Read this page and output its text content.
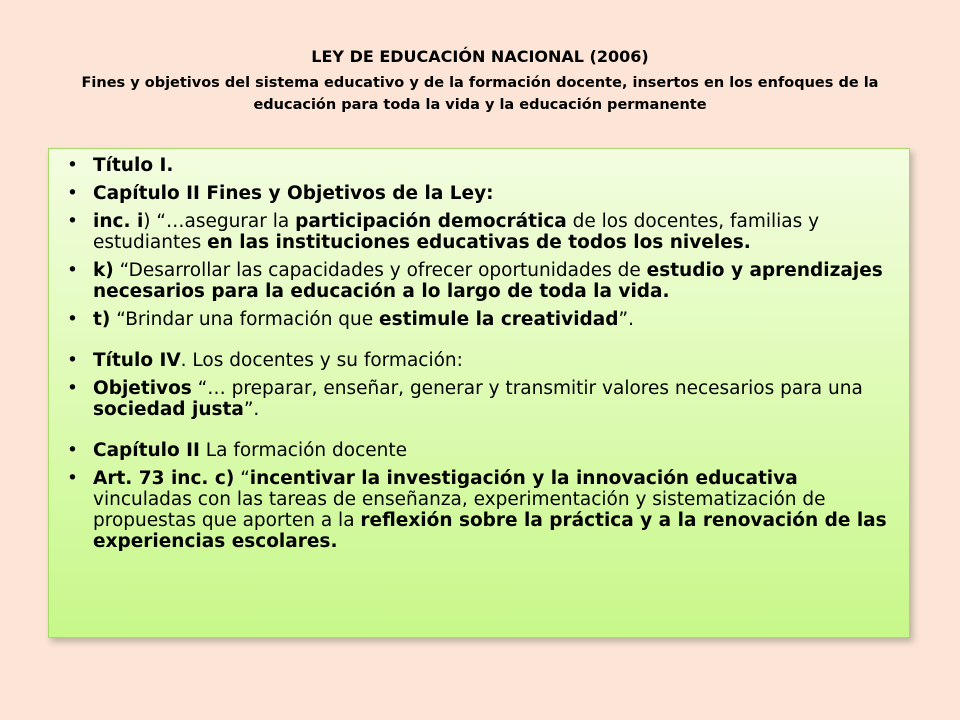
LEY DE EDUCACIÓN NACIONAL (2006)
Fines y objetivos del sistema educativo y de la formación docente, insertos en los enfoques de la educación para toda la vida y la educación permanente
• Título I.
• Capítulo II Fines y Objetivos de la Ley:
• inc. i) “…asegurar la participación democrática de los docentes, familias y estudiantes en las instituciones educativas de todos los niveles.
• k) “Desarrollar las capacidades y ofrecer oportunidades de estudio y aprendizajes necesarios para la educación a lo largo de toda la vida.
• t) “Brindar una formación que estimule la creatividad”.
• Título IV. Los docentes y su formación:
• Objetivos “… preparar, enseñar, generar y transmitir valores necesarios para una sociedad justa”.
• Capítulo II La formación docente
• Art. 73 inc. c) “incentivar la investigación y la innovación educativa vinculadas con las tareas de enseñanza, experimentación y sistematización de propuestas que aporten a la reflexión sobre la práctica y a la renovación de las experiencias escolares.
